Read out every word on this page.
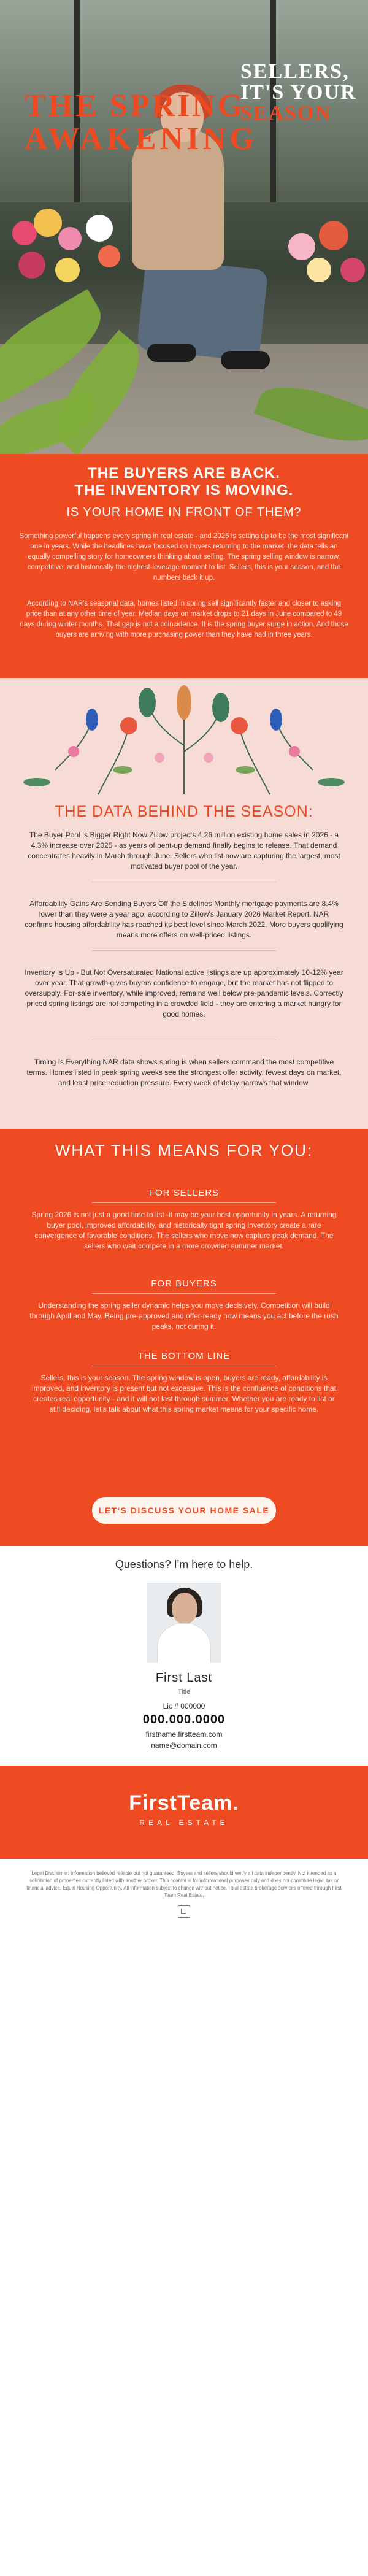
THE SPRING
AWAKENING
SELLERS,
IT'S YOUR
SEASON
THE BUYERS ARE BACK.
THE INVENTORY IS MOVING.
IS YOUR HOME IN FRONT OF THEM?

Something powerful happens every spring in real estate - and 2026 is setting up to be the most significant one in years. While the headlines have focused on buyers returning to the market, the data tells an equally compelling story for homeowners thinking about selling. The spring selling window is narrow, competitive, and historically the highest-leverage moment to list. Sellers, this is your season, and the numbers back it up.

According to NAR's seasonal data, homes listed in spring sell significantly faster and closer to asking price than at any other time of year. Median days on market drops to 21 days in June compared to 49 days during winter months. That gap is not a coincidence. It is the spring buyer surge in action. And those buyers are arriving with more purchasing power than they have had in three years.

THE DATA BEHIND THE SEASON:

The Buyer Pool Is Bigger Right Now Zillow projects 4.26 million existing home sales in 2026 - a 4.3% increase over 2025 - as years of pent-up demand finally begins to release. That demand concentrates heavily in March through June. Sellers who list now are capturing the largest, most motivated buyer pool of the year.

Affordability Gains Are Sending Buyers Off the Sidelines Monthly mortgage payments are 8.4% lower than they were a year ago, according to Zillow's January 2026 Market Report. NAR confirms housing affordability has reached its best level since March 2022. More buyers qualifying means more offers on well-priced listings.

Inventory Is Up - But Not Oversaturated National active listings are up approximately 10-12% year over year. That growth gives buyers confidence to engage, but the market has not flipped to oversupply. For-sale inventory, while improved, remains well below pre-pandemic levels. Correctly priced spring listings are not competing in a crowded field - they are entering a market hungry for good homes.

Timing Is Everything NAR data shows spring is when sellers command the most competitive terms. Homes listed in peak spring weeks see the strongest offer activity, fewest days on market, and least price reduction pressure. Every week of delay narrows that window.

WHAT THIS MEANS FOR YOU:
FOR SELLERS

Spring 2026 is not just a good time to list -it may be your best opportunity in years. A returning buyer pool, improved affordability, and historically tight spring inventory create a rare convergence of favorable conditions. The sellers who move now capture peak demand. The sellers who wait compete in a more crowded summer market.

FOR BUYERS

Understanding the spring seller dynamic helps you move decisively. Competition will build through April and May. Being pre-approved and offer-ready now means you act before the rush peaks, not during it.

THE BOTTOM LINE

Sellers, this is your season. The spring window is open, buyers are ready, affordability is improved, and inventory is present but not excessive. This is the confluence of conditions that creates real opportunity - and it will not last through summer. Whether you are ready to list or still deciding, let's talk about what this spring market means for your specific home.

LET'S DISCUSS YOUR HOME SALE
Questions? I'm here to help.
First Last
Title
Lic # 000000
000.000.0000
firstname.firstteam.com
name@domain.com
FirstTeam.
REAL ESTATE
Legal Disclaimer: Information believed reliable but not guaranteed. Buyers and sellers should verify all data independently. Not intended as a solicitation of properties currently listed with another broker. This content is for informational purposes only and does not constitute legal, tax or financial advice. Equal Housing Opportunity. All information subject to change without notice. Real estate brokerage services offered through First Team Real Estate.
